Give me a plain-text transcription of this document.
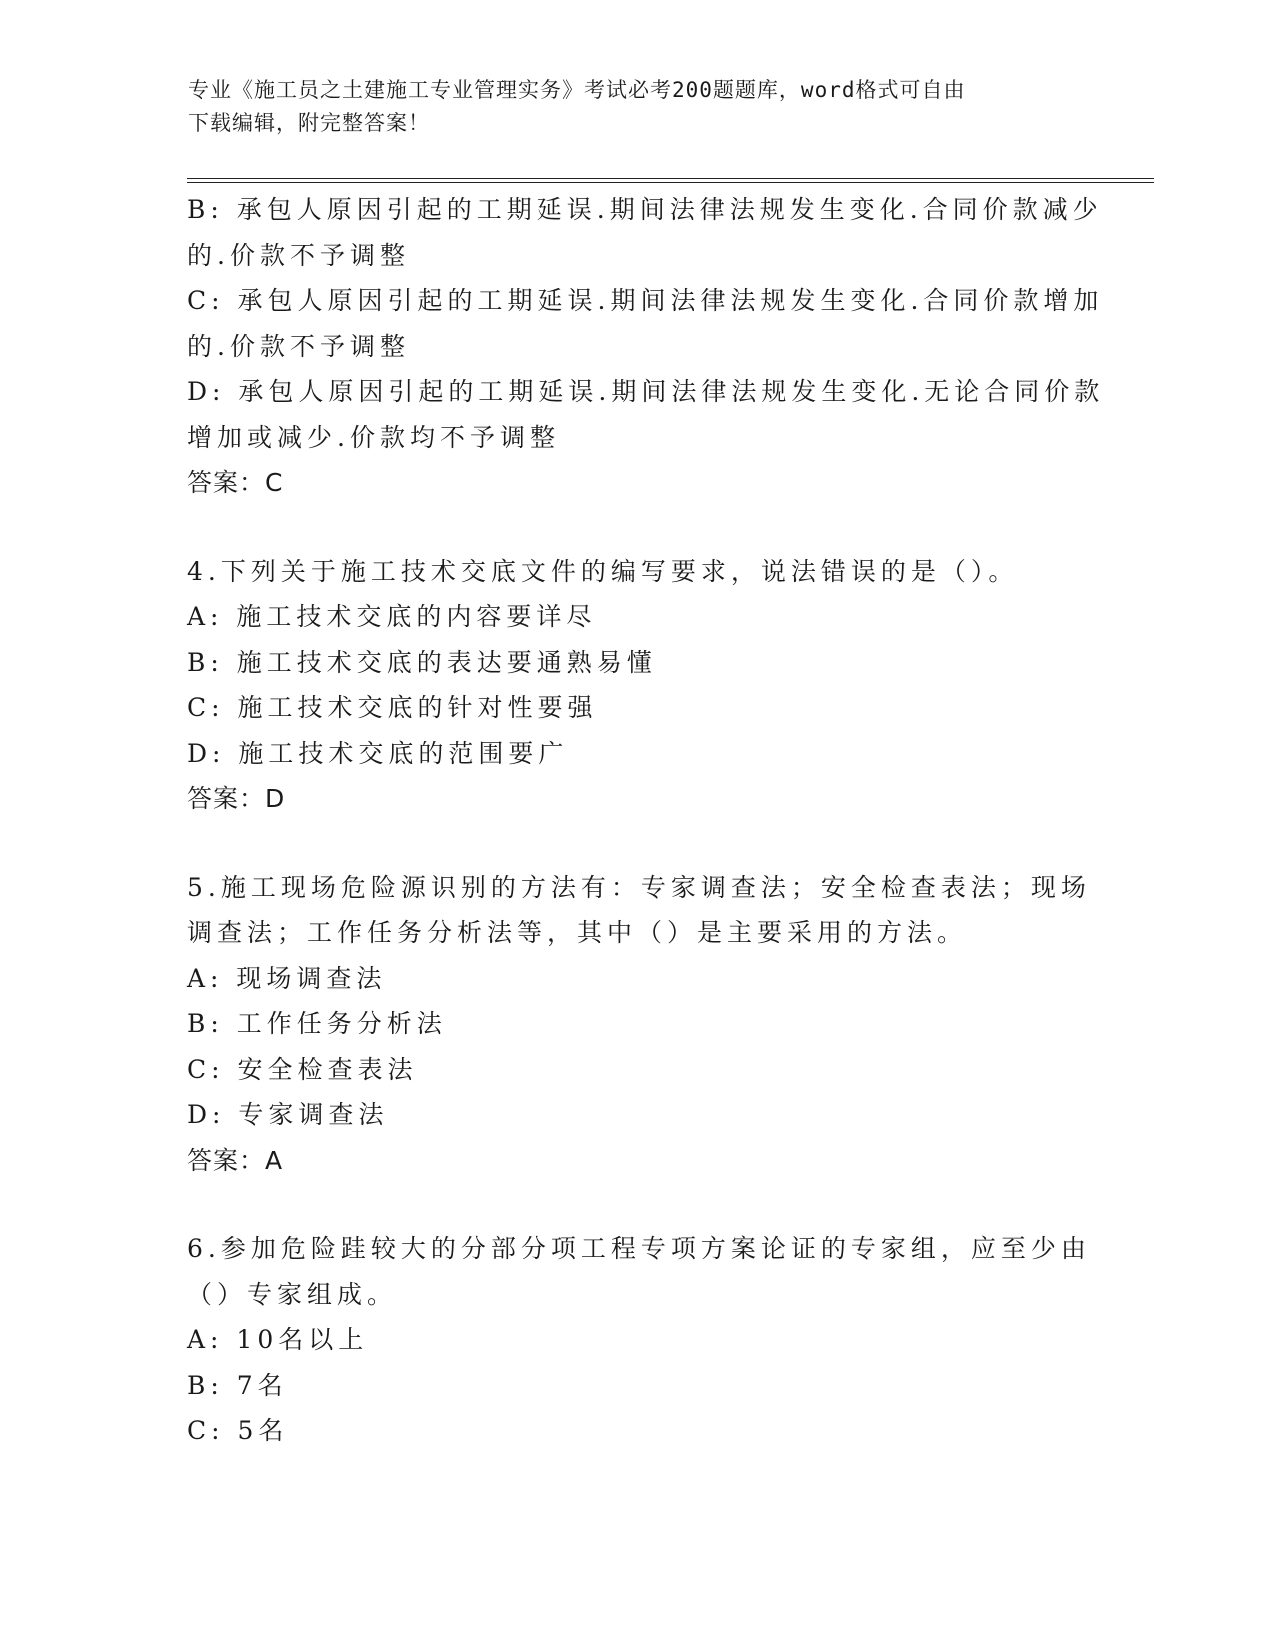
专业《施工员之土建施工专业管理实务》考试必考200题题库，word格式可自由
下载编辑，附完整答案！
B: 承包人原因引起的工期延误.期间法律法规发生变化.合同价款减少
的.价款不予调整
C: 承包人原因引起的工期延误.期间法律法规发生变化.合同价款增加
的.价款不予调整
D: 承包人原因引起的工期延误.期间法律法规发生变化.无论合同价款
增加或减少.价款均不予调整
答案：C
4.下列关于施工技术交底文件的编写要求，说法错误的是（）。
A: 施工技术交底的内容要详尽
B: 施工技术交底的表达要通熟易懂
C: 施工技术交底的针对性要强
D: 施工技术交底的范围要广
答案：D
5.施工现场危险源识别的方法有：专家调查法；安全检查表法；现场
调查法；工作任务分析法等，其中（）是主要采用的方法。
A: 现场调查法
B: 工作任务分析法
C: 安全检查表法
D: 专家调查法
答案：A
6.参加危险跬较大的分部分项工程专项方案论证的专家组，应至少由
（）专家组成。
A: 10名以上
B: 7名
C: 5名
